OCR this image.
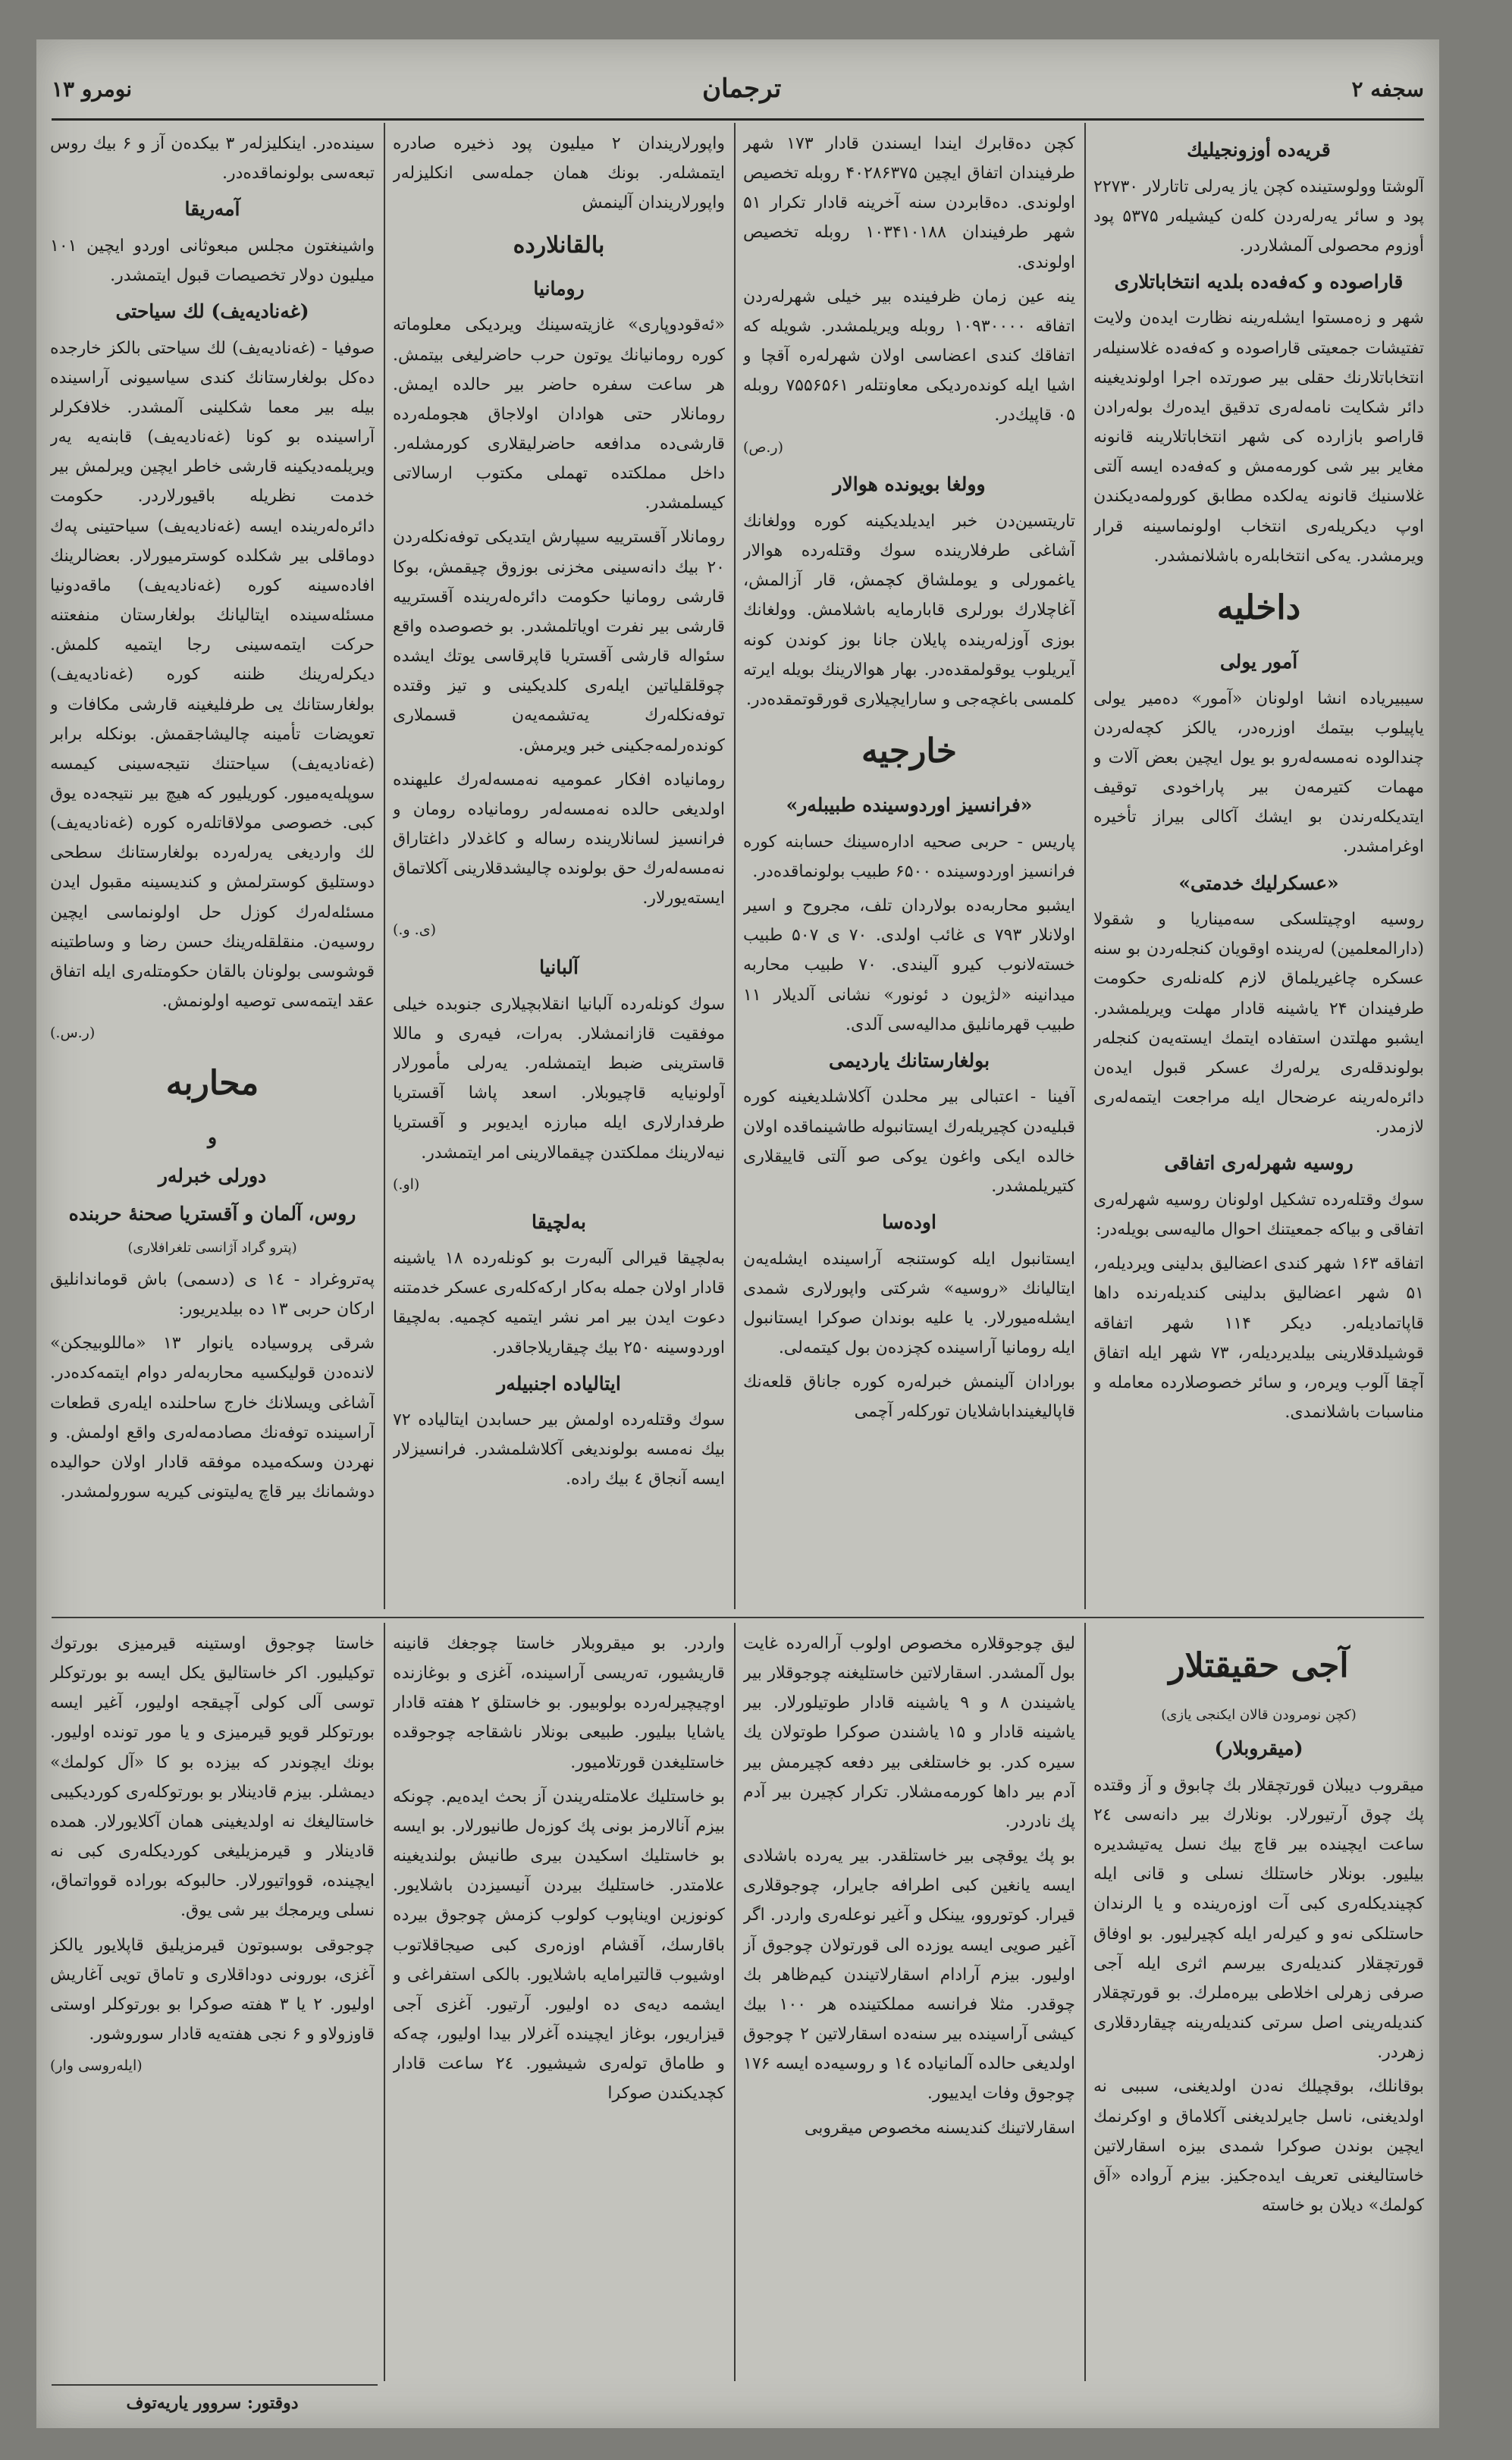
نومرو ۱۳	ترجمان	سجفه ۲
قریەدە أوزونجیلیك

آلوشتا وولوستینده کچن یاز یەرلی تاتارلار ۲۲۷۳۰ پود و سائر یەرلەردن کلەن کیشیلەر ۵۳۷۵ پود أوزوم محصولی آلمشلاردر.

قاراصوده و کەفەده بلدیه انتخاباتلاری

شهر و زەمستوا ایشلەرینه نظارت ایدەن ولایت تفتیشات جمعیتی قاراصوده و کەفەده غلاسنیلەر انتخاباتلارنك حقلی بیر صورتده اجرا اولوندیغینه دائر شکایت نامەلەری تدقیق ایدەرك بولەرادن قاراصو بازارده کی شهر انتخاباتلارینه قانونه مغایر بیر شی کورمەمش و کەفەده ایسه آلتی غلاسنیك قانونه یەلکده مطابق کورولمەدیکندن اوپ دیکریلەری انتخاب اولونماسینه قرار ویرمشدر. یەکی انتخابلەره باشلانمشدر.

داخلیه
آمور یولی

سیبیریاده انشا اولونان «آمور» دەمیر یولی یاپیلوب بیتمك اوزرەدر، یالکز کچەلەردن چندالوده نەمسەلەرو بو یول ایچین بعض آلات و مهمات کتیرمەن بیر پاراخودی توقیف ایتدیکلەرندن بو ایشك آکالی بیراز تأخیره اوغرامشدر.

«عسکرلیك خدمتی»

روسیه اوچیتلسکی سەمیناریا و شقولا (دارالمعلمین) لەرینده اوقویان کنجلەردن بو سنه عسکره چاغیریلماق لازم کلەنلەری حکومت طرفیندان ۲۴ یاشینه قادار مهلت ویریلمشدر. ایشبو مهلتدن استفاده ایتمك ایستەیەن کنجلەر بولوندقلەری یرلەرك عسکر قبول ایدەن دائرەلەرینه عرضحال ایله مراجعت ایتمەلەری لازمدر.

روسیه شهرلەری اتفاقی

سوك وقتلەرده تشکیل اولونان روسیه شهرلەری اتفاقی و بیاکه جمعیتنك احوال مالیەسی بویلەدر:

اتفاقه ۱۶۳ شهر کندی اعضالیق بدلینی ویردیلەر، ۵۱ شهر اعضالیق بدلینی کندیلەرنده داها قاپاتمادیلەر. دیکر ۱۱۴ شهر اتفاقه قوشیلدقلارینی بیلدیردیلەر، ۷۳ شهر ایله اتفاق آچقا آلوب ویرەر، و سائر خصوصلارده معامله و مناسبات باشلانمدی.

کچن دەقابرك ایندا ایسندن قادار ۱۷۳ شهر طرفیندان اتفاق ایچین ۴۰۲۸۶۳۷۵ روبله تخصیص اولوندی. دەقابردن سنه آخرینه قادار تکرار ۵۱ شهر طرفیندان ۱۰۳۴۱۰۱۸۸ روبله تخصیص اولوندی.

ینه عین زمان ظرفینده بیر خیلی شهرلەردن اتفاقه ۱۰۹۳۰۰۰۰ روبله ویریلمشدر. شویله که اتفاقك کندی اعضاسی اولان شهرلەره آقچا و اشیا ایله کوندەردیکی معاونتلەر ۷۵۵۶۵۶۱ روبله ۰۵ قاپیك‌در.

(ر.ص)
وولغا بویونده هوالار

تاریتسین‌دن خبر ایدیلدیکینه کوره وولغانك آشاغی طرفلارینده سوك وقتلەرده هوالار یاغمورلی و یوملشاق کچمش، قار آزالمش، آغاچلارك بورلری قابارمایه باشلامش. وولغانك بوزی آوزلەرینده پایلان جانا بوز کوندن کونه آیریلوب یوقولمقده‌در. بهار هوالارینك بویله ایرته کلمسی باغچەجی و سارایچیلاری قورقوتمقده‌در.

خارجیه
«فرانسیز اوردوسینده طبیبلەر»

پاریس - حربی صحیه ادارەسینك حسابنه کوره فرانسیز اوردوسینده ۶۵۰۰ طبیب بولونماقده‌در.

ایشبو محاربه‌ده بولاردان تلف، مجروح و اسیر اولانلار ۷۹۳ ی غائب اولدی. ۷۰ ی ۵۰۷ طبیب خسته‌لانوب کیرو آلیندی. ۷۰ طبیب محاربه میدانینه «لژیون د ئونور» نشانی آلدیلار ۱۱ طبیب قهرمانلیق مدالیەسی آلدی.

بولغارستانك یاردیمی

آفینا - اعتبالی بیر محلدن آکلاشلدیغینه کوره قبلیەدن کچیریلەرك ایستانبوله طاشینماقده اولان خالده ایکی واغون یوکی صو آلتی قاییقلاری کتیریلمشدر.

اودەسا

ایستانبول ایله کوستنجه آراسینده ایشلەیەن ایتالیانك «روسیه» شرکتی واپورلاری شمدی ایشلەمیورلار. یا علیه بوندان صوکرا ایستانبول ایله رومانیا آراسینده کچزدەن بول کیتمەلی.

بورادان آلینمش خبرلەره کوره جاناق قلعەنك قاپالیغینداباشلایان تورکلەر آچمی

واپورلاریندان ۲ میلیون پود ذخیره صادره ایتمشلەر. بونك همان جملەسی انکلیزلەر واپورلاریندان آلینمش

بالقانلارده
رومانیا

«ئەقودوپاری» غازیتەسینك ویردیکی معلوماته کوره رومانیانك یوتون حرب حاضرلیغی بیتمش. هر ساعت سفره حاضر بیر حالده ایمش. رومانلار حتی هوادان اولاجاق هجوملەرده قارشی‌ده مدافعه حاضرلیقلاری کورمشلەر. داخل مملکتده تهملی مکتوب ارسالاتی کیسلمشدر.

رومانلار آقسترییه سیپارش ایتدیکی توفەنکلەردن ۲۰ بیك دانه‌سینی مخزنی بوزوق چیقمش، بوکا قارشی رومانیا حکومت دائرەلەرینده آقسترییه قارشی بیر نفرت اویاتلمشدر. بو خصوصده واقع سئواله قارشی آقستریا قاپرقاسی یوتك ایشده چوقلقلیاتین ایلەری کلدیکینی و تیز وقتده توفەنکلەرك یەتشمەیەن قسملاری کوندەرلمەجکینی خبر ویرمش.

رومانیاده افکار عمومیه نەمسەلەرك علیهنده اولدیغی حالده نەمسەلەر رومانیاده رومان و فرانسیز لسانلارینده رساله و کاغدلار داغتاراق نەمسەلەرك حق بولونده چالیشدقلارینی آکلاتماق ایستەیورلار.

(ی. و.)
آلبانیا

سوك کونلەرده آلبانیا انقلابچیلاری جنوبده خیلی موفقیت قازانمشلار. بەرات، فیەری و ماللا قاسترینی ضبط ایتمشلەر. یەرلی مأمورلار آولونیایه قاچیوبلار. اسعد پاشا آقستریا طرفدارلاری ایله مبارزه ایدیوبر و آقستریا نیه‌لارینك مملکتدن چیقمالارینی امر ایتمشدر.

(او.)
بەلچیقا

بەلچیقا قیرالی آلبەرت بو کونلەرده ۱۸ یاشینه قادار اولان جمله بەکار ارکه‌کلەری عسکر خدمتنه دعوت ایدن بیر امر نشر ایتمیه کچمیه. بەلچیقا اوردوسینه ۲۵۰ بیك چیقاریلاجاقدر.

ایتالیاده اجنبیلەر

سوك وقتلەرده اولمش بیر حسابدن ایتالیاده ۷۲ بیك نەمسه بولوندیغی آکلاشلمشدر. فرانسیزلار ایسه آنجاق ٤ بیك راده.

سینده‌در. اینکلیزلەر ۳ بیکده‌ن آز و ۶ بیك روس تبعەسی بولونماقده‌در.

آمەریقا

واشینغتون مجلس مبعوثانی اوردو ایچین ۱۰۱ میلیون دولار تخصیصات قبول ایتمشدر.

(غەنادیەیف) لك سیاحتی

صوفیا - (غەنادیەیف) لك سیاحتی بالکز خارجده دەکل بولغارستانك کندی سیاسیونی آراسینده بیله بیر معما شکلینی آلمشدر. خلافکرلر آراسینده بو کونا (غەنادیەیف) قابنه‌یه یەر ویریلمەدیکینه قارشی خاطر ایچین ویرلمش بیر خدمت نظریله باقیورلاردر. حکومت دائرەلەرینده ایسه (غەنادیەیف) سیاحتینی پەك دوماقلی بیر شکلده کوسترمیورلار. بعضالرینك افادەسینه کوره (غەنادیەیف) ماقەدونیا مسئلەسینده ایتالیانك بولغارستان منفعتنه حرکت ایتمەسینی رجا ایتمیه کلمش. دیکرلەرینك ظننه کوره (غەنادیەیف) بولغارستانك یی طرفلیغینه قارشی مکافات و تعویضات تأمینه چالیشاجقمش. بونکله برابر (غەنادیەیف) سیاحتنك نتیجەسینی کیمسه سوپلەیه‌میور. کوریلیور که هیچ بیر نتیجه‌ده یوق کبی. خصوصی مولاقاتلەره کوره (غەنادیەیف) لك واردیغی یەرلەرده بولغارستانك سطحی دوستلیق کوسترلمش و کندیسینه مقبول ایدن مسئلەلەرك کوزل حل اولونماسی ایچین روسیه‌ن. منقلقلەرینك حسن رضا و وساطتینه قوشوسی بولونان بالقان حکومتلەری ایله اتفاق عقد ایتمەسی توصیه اولونمش.

(ر.س.)
محاربه
و
دورلی خبرلەر
روس، آلمان و آقستریا صحنهٔ حربنده
(پترو گراد آژانسی تلغرافلاری)

پەتروغراد - ۱٤ ی (دسمی) باش قوماندانلیق ارکان حربی ۱۳ ده بیلدیریور:

شرقی پروسیاده یانوار ۱۳ «ماللوبیجکن» لاندەدن قولیکسیه محاربەلەر دوام ایتمەکده‌در. آشاغی ویسلانك خارج ساحلنده ایلەری قطعات آراسینده توفەنك مصادمەلەری واقع اولمش. و نهردن وسکەمیده موفقه قادار اولان حوالیده دوشمانك بیر قاچ یەلیتونی کیریه سورولمشدر.

آجی حقیقتلار
(کچن نومرودن قالان ایکنجی یازی)
(میقروبلار)

میقروب دیبلان قورتچقلار بك چابوق و آز وقتده پك چوق آرتیورلار. بونلارك بیر دانه‌سی ۲٤ ساعت ایچینده بیر قاچ بیك نسل یەتیشدیره بیلیور. بونلار خاستلك نسلی و قانی ایله کچیندیکلەری کبی آت اوزەرینده و یا الرندان حاستلکی نەو و کیرلەر ایله کچیرلیور. بو اوفاق قورتچقلار کندیلەری بیرسم اثری ایله آجی صرفی زهرلی اخلاطی بیرەملرك. بو قورتچقلار کندیلەرینی اصل سرتی کندیلەرینه چیقاردقلاری زهردر.

بوقانلك، بوقچیلك نەدن اولدیغنی، سببی نه اولدیغنی، ناسل جایرلدیغنی آکلاماق و اوکرنمك ایچین بوندن صوکرا شمدی بیزه اسقارلاتین خاستالیغنی تعریف ایده‌جکیز. بیزم آرواده «آق کولمك» دیلان بو خاسته

لیق چوجوقلاره مخصوص اولوب آرالەرده غایت بول آلمشدر. اسقارلاتین خاستلیغنه چوجوقلار بیر یاشیندن ۸ و ۹ یاشینه قادار طوتیلورلار. بیر یاشینه قادار و ۱۵ یاشندن صوکرا طوتولان یك سیره کدر. بو خاستلغی بیر دفعه کچیرمش بیر آدم بیر داها کورمەمشلار. تکرار کچیرن بیر آدم پك نادردر.

بو پك یوقچی بیر خاستلقدر. بیر یەرده باشلادی ایسه یانغین کبی اطرافه جایرار، چوجوقلاری قیرار. کوتوروو، یینکل و آغیر نوعلەری واردر. اگر آغیر صویی ایسه یوزده الی قورتولان چوجوق آز اولیور. بیزم آرادام اسقارلاتیندن کیم‌ظاهر بك چوقدر. مثلا فرانسه مملکتینده هر ۱۰۰ بیك کیشی آراسینده بیر سنه‌ده اسقارلاتین ۲ چوجوق اولدیغی حالده آلمانیاده ۱٤ و روسیه‌ده ایسه ۱۷۶ چوجوق وفات ایدییور.

اسقارلاتینك کندیسنه مخصوص میقروبی

واردر. بو میقروبلار خاستا چوجغك قانینه قاریشیور، تەریسی آراسینده، آغزی و بوغازنده اوچیچیرلەرده بولوبیور. بو خاستلق ۲ هفته قادار یاشایا بیلیور. طبیعی بونلار ناشقاجه چوجوقده خاستلیغدن قورتلامیور.

بو خاستلیك علامتلەریندن آز بحث ایدەیم. چونکه بیزم آنالارمز بونی پك کوزەل طانیورلار. بو ایسه بو خاستلیك اسکیدن بیری طانیش بولندیغینه علامتدر. خاستلیك بیردن آنیسیزدن باشلایور. کونوزین اویناپوب کولوب کزمش چوجوق بیرده باقارسك، آقشام اوزەری کبی صیجاقلاتوب اوشیوب قالتیرامایه باشلایور. بالکی استفراغی و ایشمه دیه‌ی ده اولیور. آرتیور. آغزی آجی قیزاریور، بوغاز ایچینده آغرلار بیدا اولیور، چه‌کە و طاماق تولەری شیشیور. ۲٤ ساعت قادار کچدیکندن صوکرا

خاستا چوجوق اوستینه قیرمیزی بورتوك توکیلیور. اکر خاستالیق یکل ایسه بو بورتوکلر توسی آلی کولی آچیقجه اولیور، آغیر ایسه بورتوکلر قویو قیرمیزی و یا مور تونده اولیور. بونك ایچوندر که بیزده بو کا «آل کولمك» دیمشلر. بیزم قادینلار بو بورتوکلەری کوردیکیبی خاستالیغك نه اولدیغینی همان آکلایورلار. همده قادینلار و قیرمزیلیغی کوردیکلەری کبی نه ایچینده، قوواتیورلار. حالبوکه بوراده قوواتماق، نسلی ویرمجك بیر شی یوق.

چوجوقی بوسبوتون قیرمزیلیق قاپلایور یالکز آغزی، بورونی دوداقلاری و تاماق تویی آغاریش اولیور. ۲ یا ۳ هفته صوکرا بو بورتوکلر اوستی قاوزولاو و ۶ نجی هفته‌یه قادار سوروشور.

(ایلەروسی وار)
دوقتور: سروور یاریه‌توف
